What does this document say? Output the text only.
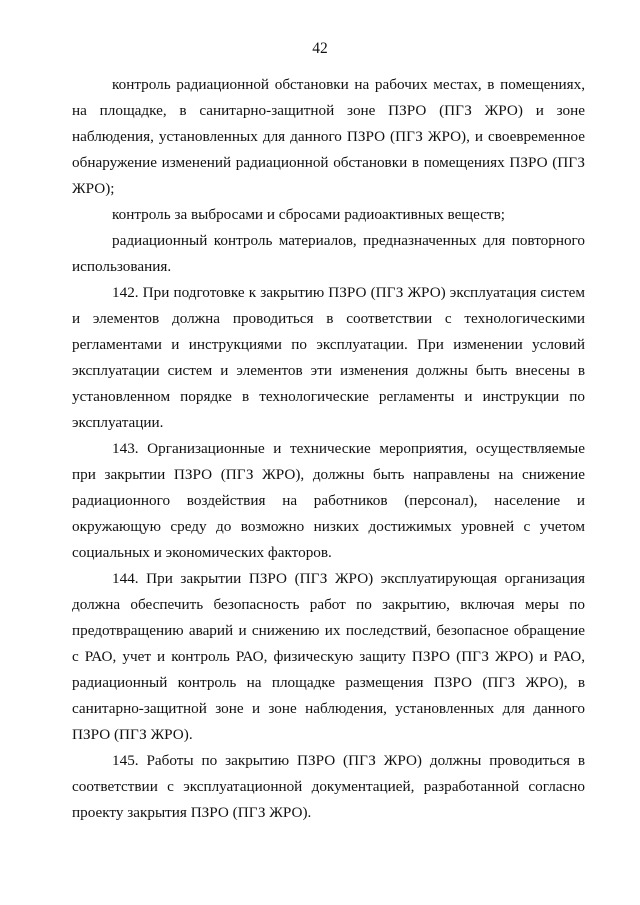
42

контроль радиационной обстановки на рабочих местах, в помещениях, на площадке, в санитарно-защитной зоне ПЗРО (ПГЗ ЖРО) и зоне наблюдения, установленных для данного ПЗРО (ПГЗ ЖРО), и своевременное обнаружение изменений радиационной обстановки в помещениях ПЗРО (ПГЗ ЖРО);

контроль за выбросами и сбросами радиоактивных веществ;

радиационный контроль материалов, предназначенных для повторного использования.

142. При подготовке к закрытию ПЗРО (ПГЗ ЖРО) эксплуатация систем и элементов должна проводиться в соответствии с технологическими регламентами и инструкциями по эксплуатации. При изменении условий эксплуатации систем и элементов эти изменения должны быть внесены в установленном порядке в технологические регламенты и инструкции по эксплуатации.

143. Организационные и технические мероприятия, осуществляемые при закрытии ПЗРО (ПГЗ ЖРО), должны быть направлены на снижение радиационного воздействия на работников (персонал), население и окружающую среду до возможно низких достижимых уровней с учетом социальных и экономических факторов.

144. При закрытии ПЗРО (ПГЗ ЖРО) эксплуатирующая организация должна обеспечить безопасность работ по закрытию, включая меры по предотвращению аварий и снижению их последствий, безопасное обращение с РАО, учет и контроль РАО, физическую защиту ПЗРО (ПГЗ ЖРО) и РАО, радиационный контроль на площадке размещения ПЗРО (ПГЗ ЖРО), в санитарно-защитной зоне и зоне наблюдения, установленных для данного ПЗРО (ПГЗ ЖРО).

145. Работы по закрытию ПЗРО (ПГЗ ЖРО) должны проводиться в соответствии с эксплуатационной документацией, разработанной согласно проекту закрытия ПЗРО (ПГЗ ЖРО).
